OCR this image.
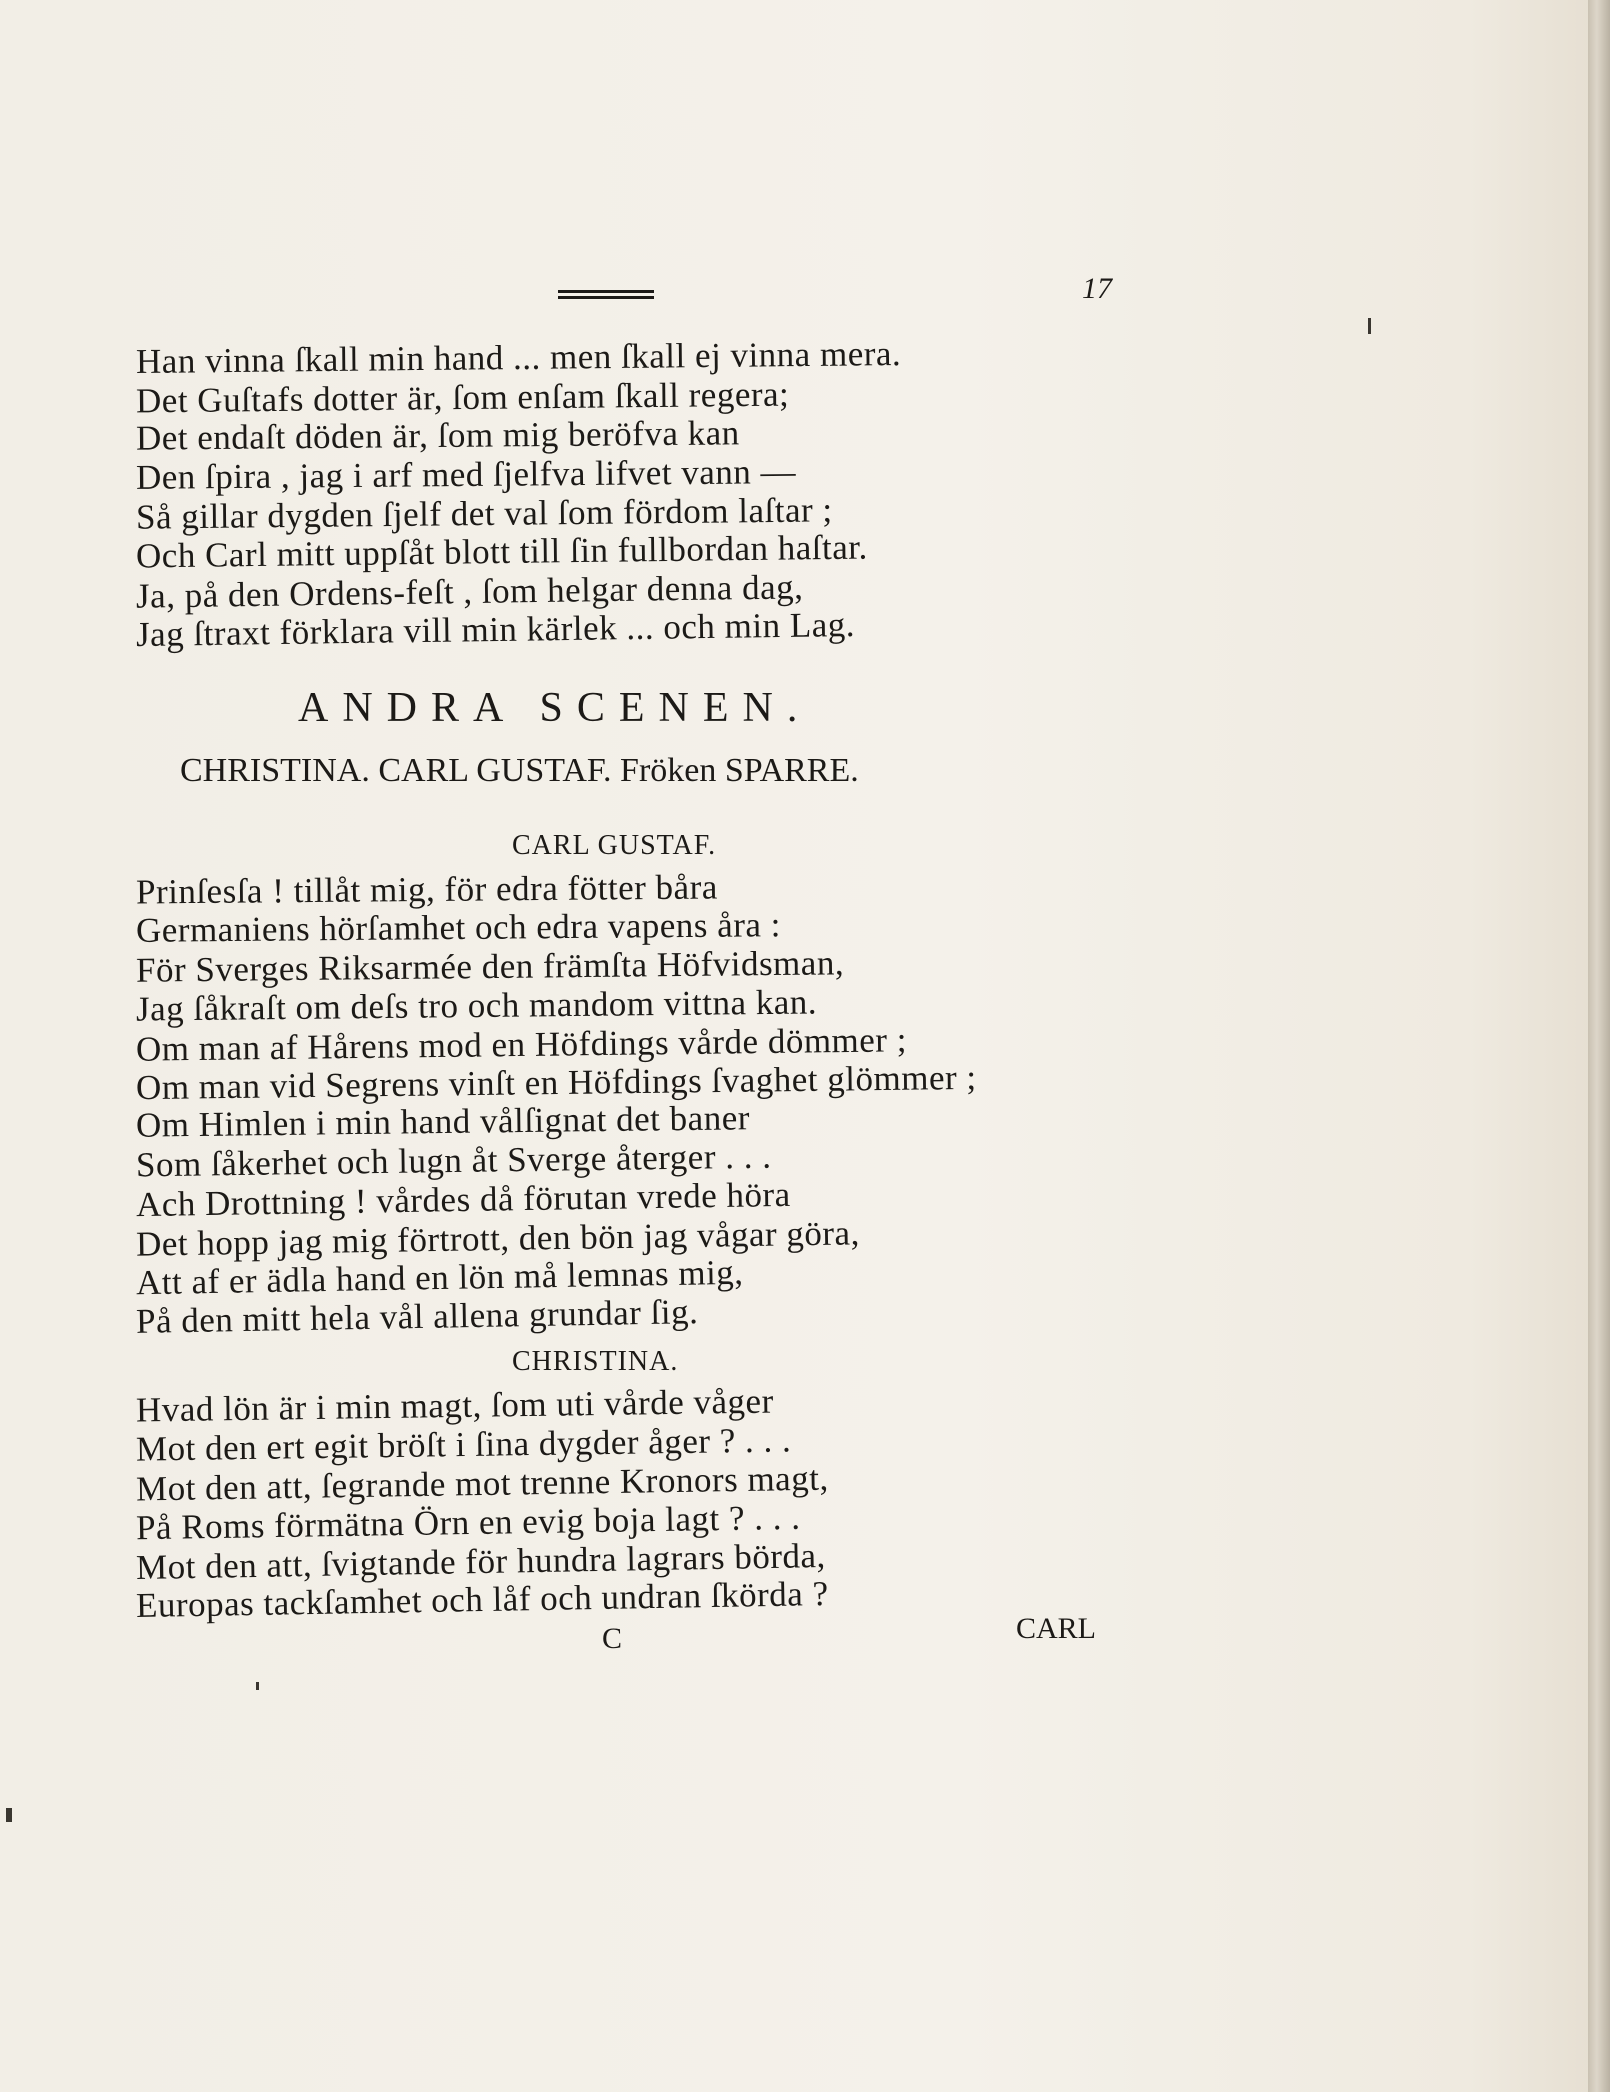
17
Han vinna ſkall min hand ... men ſkall ej vinna mera.
Det Guſtafs dotter är, ſom enſam ſkall regera;
Det endaſt döden är, ſom mig beröfva kan
Den ſpira , jag i arf med ſjelfva lifvet vann —
Så gillar dygden ſjelf det val ſom fördom laſtar ;
Och Carl mitt uppſåt blott till ſin fullbordan haſtar.
Ja, på den Ordens-feſt , ſom helgar denna dag,
Jag ſtraxt förklara vill min kärlek ... och min Lag.
ANDRA SCENEN.
CHRISTINA. CARL GUSTAF. Fröken SPARRE.
CARL GUSTAF.
Prinſesſa ! tillåt mig, för edra fötter båra
Germaniens hörſamhet och edra vapens åra :
För Sverges Riksarmée den främſta Höfvidsman,
Jag ſåkraſt om deſs tro och mandom vittna kan.
Om man af Hårens mod en Höfdings vårde dömmer ;
Om man vid Segrens vinſt en Höfdings ſvaghet glömmer ;
Om Himlen i min hand vålſignat det baner
Som ſåkerhet och lugn åt Sverge återger . . .
Ach Drottning ! vårdes då förutan vrede höra
Det hopp jag mig förtrott, den bön jag vågar göra,
Att af er ädla hand en lön må lemnas mig,
På den mitt hela vål allena grundar ſig.
CHRISTINA.
Hvad lön är i min magt, ſom uti vårde våger
Mot den ert egit bröſt i ſina dygder åger ? . . .
Mot den att, ſegrande mot trenne Kronors magt,
På Roms förmätna Örn en evig boja lagt ? . . .
Mot den att, ſvigtande för hundra lagrars börda,
Europas tackſamhet och låf och undran ſkörda ?
C	CARL
